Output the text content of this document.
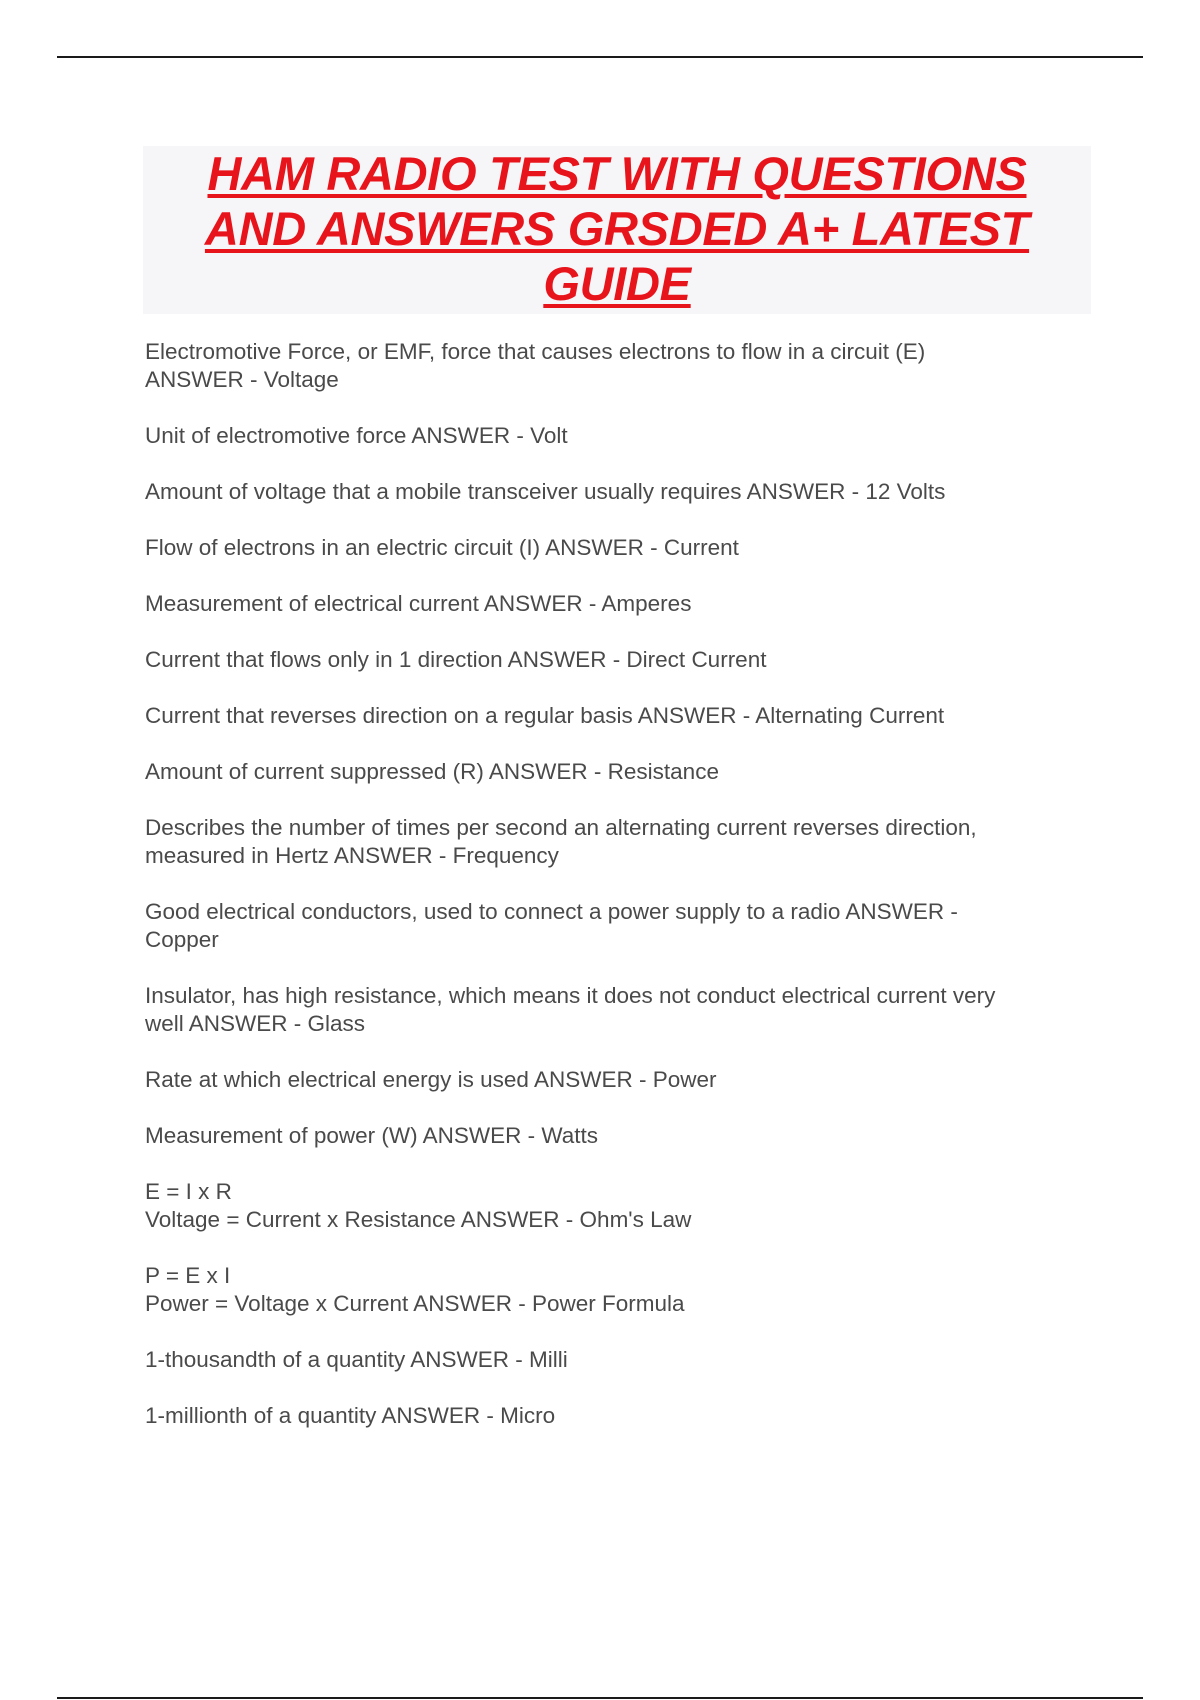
HAM RADIO TEST WITH QUESTIONS
AND ANSWERS GRSDED A+ LATEST
GUIDE

Electromotive Force, or EMF, force that causes electrons to flow in a circuit (E)
ANSWER - Voltage

Unit of electromotive force ANSWER - Volt

Amount of voltage that a mobile transceiver usually requires ANSWER - 12 Volts

Flow of electrons in an electric circuit (I) ANSWER - Current

Measurement of electrical current ANSWER - Amperes

Current that flows only in 1 direction ANSWER - Direct Current

Current that reverses direction on a regular basis ANSWER - Alternating Current

Amount of current suppressed (R) ANSWER - Resistance

Describes the number of times per second an alternating current reverses direction,
measured in Hertz ANSWER - Frequency

Good electrical conductors, used to connect a power supply to a radio ANSWER -
Copper

Insulator, has high resistance, which means it does not conduct electrical current very
well ANSWER - Glass

Rate at which electrical energy is used ANSWER - Power

Measurement of power (W) ANSWER - Watts

E = I x R
Voltage = Current x Resistance ANSWER - Ohm's Law

P = E x I
Power = Voltage x Current ANSWER - Power Formula

1-thousandth of a quantity ANSWER - Milli

1-millionth of a quantity ANSWER - Micro
